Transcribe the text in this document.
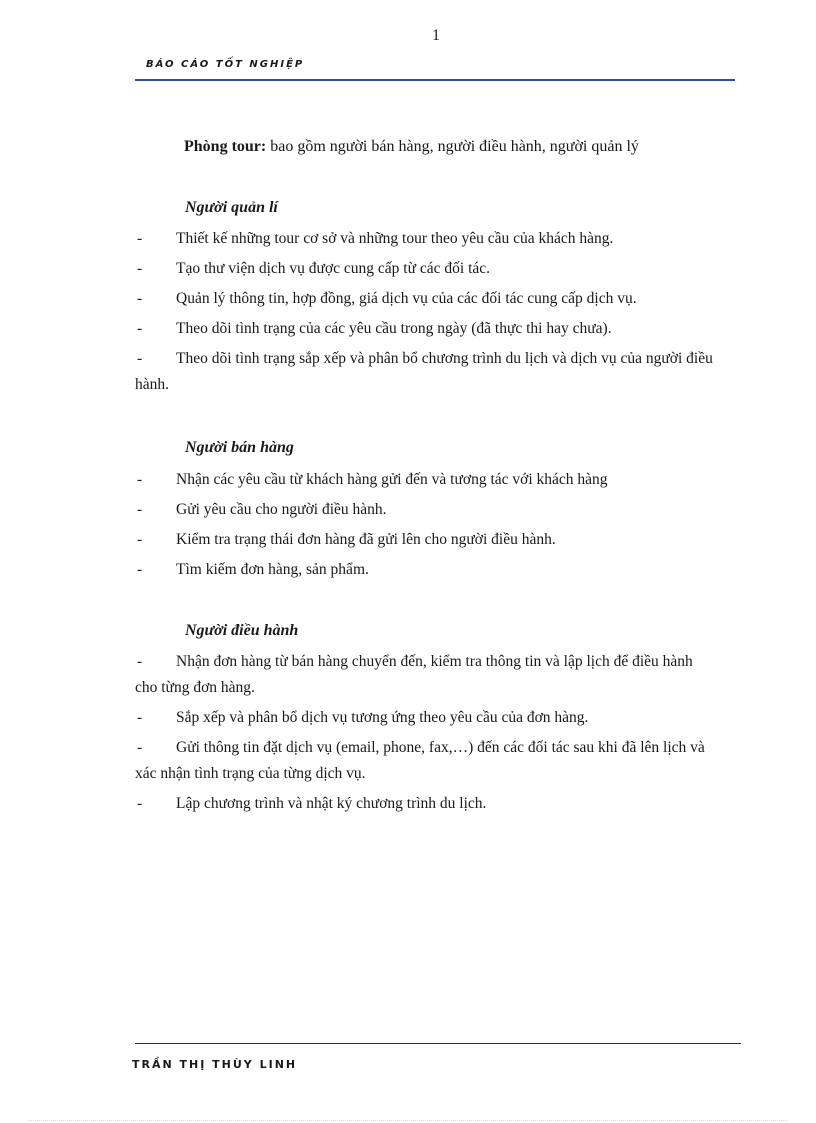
1
BÁO CÁO TỐT NGHIỆP
Phòng tour: bao gồm người bán hàng, người điều hành, người quản lý
Người quản lí
-	Thiết kế những tour cơ sở và những tour theo yêu cầu của khách hàng.
-	Tạo thư viện dịch vụ được cung cấp từ các đối tác.
-	Quản lý thông tin, hợp đồng, giá dịch vụ của các đối tác cung cấp dịch vụ.
-	Theo dõi tình trạng của các yêu cầu trong ngày (đã thực thi hay chưa).
-	Theo dõi tình trạng sắp xếp và phân bổ chương trình du lịch và dịch vụ của người điều hành.
Người bán hàng
-	Nhận các yêu cầu từ khách hàng gửi đến và tương tác với khách hàng
-	Gửi yêu cầu cho người điều hành.
-	Kiểm tra trạng thái đơn hàng đã gửi lên cho người điều hành.
-	Tìm kiếm đơn hàng, sản phẩm.
Người điều hành
-	Nhận đơn hàng từ bán hàng chuyển đến, kiểm tra thông tin và lập lịch để điều hành cho từng đơn hàng.
-	Sắp xếp và phân bổ dịch vụ tương ứng theo yêu cầu của đơn hàng.
-	Gửi thông tin đặt dịch vụ (email, phone, fax,…) đến các đối tác sau khi đã lên lịch và xác nhận tình trạng của từng dịch vụ.
-	Lập chương trình và nhật ký chương trình du lịch.
TRẦN THỊ THÙY LINH
